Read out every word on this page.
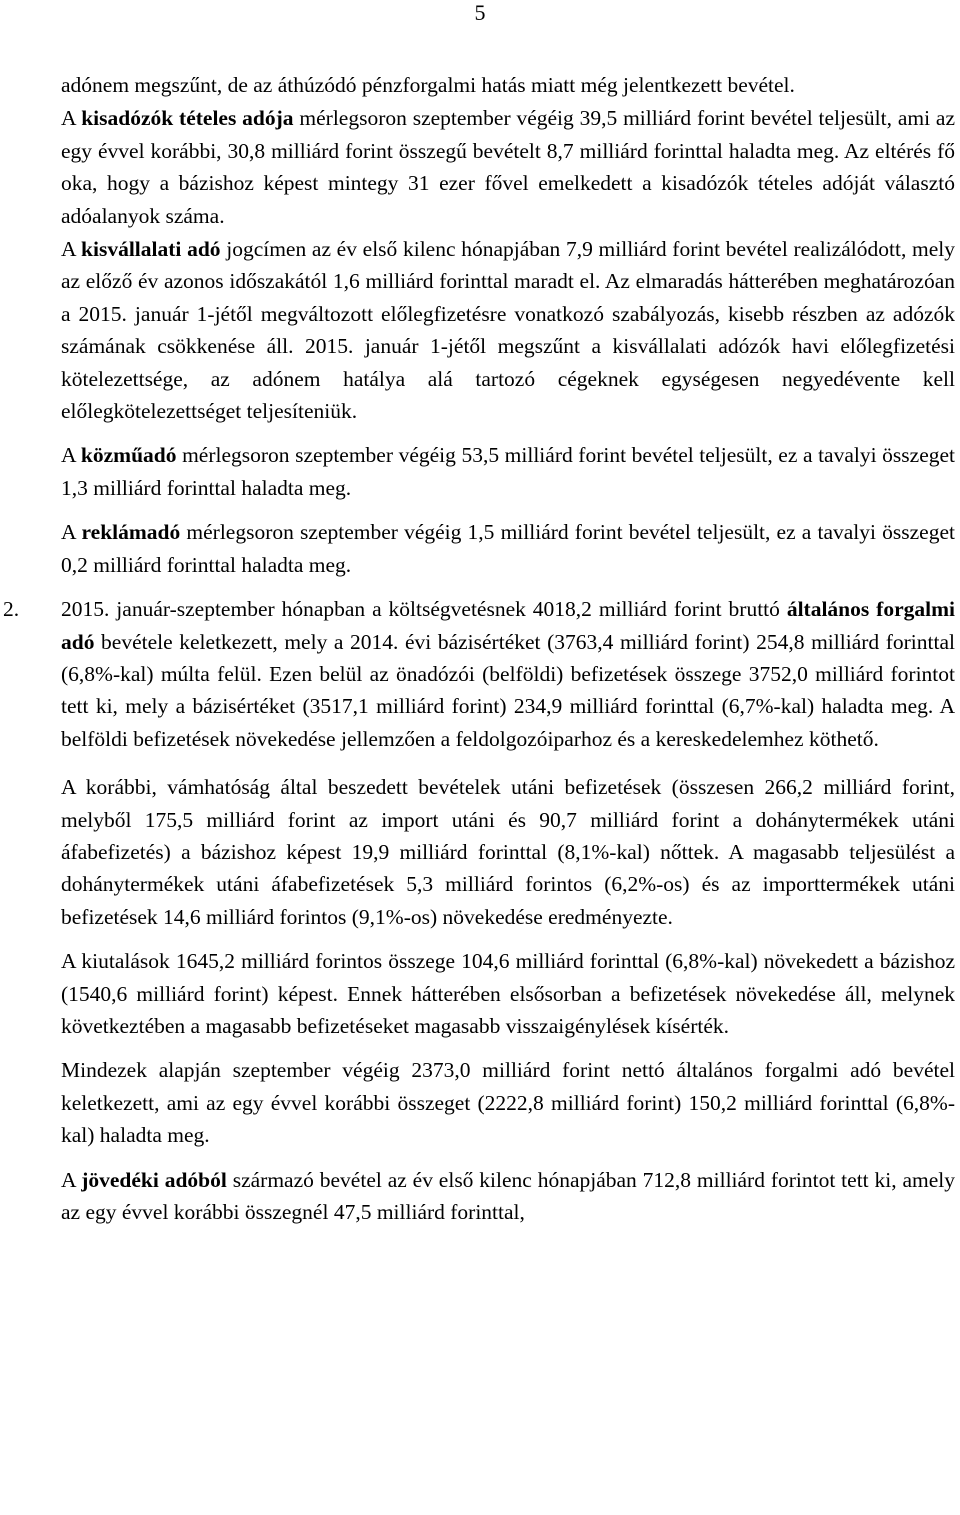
5

adónem megszűnt, de az áthúzódó pénzforgalmi hatás miatt még jelentkezett bevétel.

A kisadózók tételes adója mérlegsoron szeptember végéig 39,5 milliárd forint bevétel teljesült, ami az egy évvel korábbi, 30,8 milliárd forint összegű bevételt 8,7 milliárd forinttal haladta meg. Az eltérés fő oka, hogy a bázishoz képest mintegy 31 ezer fővel emelkedett a kisadózók tételes adóját választó adóalanyok száma.

A kisvállalati adó jogcímen az év első kilenc hónapjában 7,9 milliárd forint bevétel realizálódott, mely az előző év azonos időszakától 1,6 milliárd forinttal maradt el. Az elmaradás hátterében meghatározóan a 2015. január 1-jétől megváltozott előlegfizetésre vonatkozó szabályozás, kisebb részben az adózók számának csökkenése áll. 2015. január 1-jétől megszűnt a kisvállalati adózók havi előlegfizetési kötelezettsége, az adónem hatálya alá tartozó cégeknek egységesen negyedévente kell előlegkötelezettséget teljesíteniük.

A közműadó mérlegsoron szeptember végéig 53,5 milliárd forint bevétel teljesült, ez a tavalyi összeget 1,3 milliárd forinttal haladta meg.

A reklámadó mérlegsoron szeptember végéig 1,5 milliárd forint bevétel teljesült, ez a tavalyi összeget 0,2 milliárd forinttal haladta meg.

2. 2015. január-szeptember hónapban a költségvetésnek 4018,2 milliárd forint bruttó általános forgalmi adó bevétele keletkezett, mely a 2014. évi bázisértéket (3763,4 milliárd forint) 254,8 milliárd forinttal (6,8%-kal) múlta felül. Ezen belül az önadózói (belföldi) befizetések összege 3752,0 milliárd forintot tett ki, mely a bázisértéket (3517,1 milliárd forint) 234,9 milliárd forinttal (6,7%-kal) haladta meg. A belföldi befizetések növekedése jellemzően a feldolgozóiparhoz és a kereskedelemhez köthető.

A korábbi, vámhatóság által beszedett bevételek utáni befizetések (összesen 266,2 milliárd forint, melyből 175,5 milliárd forint az import utáni és 90,7 milliárd forint a dohánytermékek utáni áfabefizetés) a bázishoz képest 19,9 milliárd forinttal (8,1%-kal) nőttek. A magasabb teljesülést a dohánytermékek utáni áfabefizetések 5,3 milliárd forintos (6,2%-os) és az importtermékek utáni befizetések 14,6 milliárd forintos (9,1%-os) növekedése eredményezte.

A kiutalások 1645,2 milliárd forintos összege 104,6 milliárd forinttal (6,8%-kal) növekedett a bázishoz (1540,6 milliárd forint) képest. Ennek hátterében elsősorban a befizetések növekedése áll, melynek következtében a magasabb befizetéseket magasabb visszaigénylések kísérték.

Mindezek alapján szeptember végéig 2373,0 milliárd forint nettó általános forgalmi adó bevétel keletkezett, ami az egy évvel korábbi összeget (2222,8 milliárd forint) 150,2 milliárd forinttal (6,8%-kal) haladta meg.

A jövedéki adóból származó bevétel az év első kilenc hónapjában 712,8 milliárd forintot tett ki, amely az egy évvel korábbi összegnél 47,5 milliárd forinttal,
